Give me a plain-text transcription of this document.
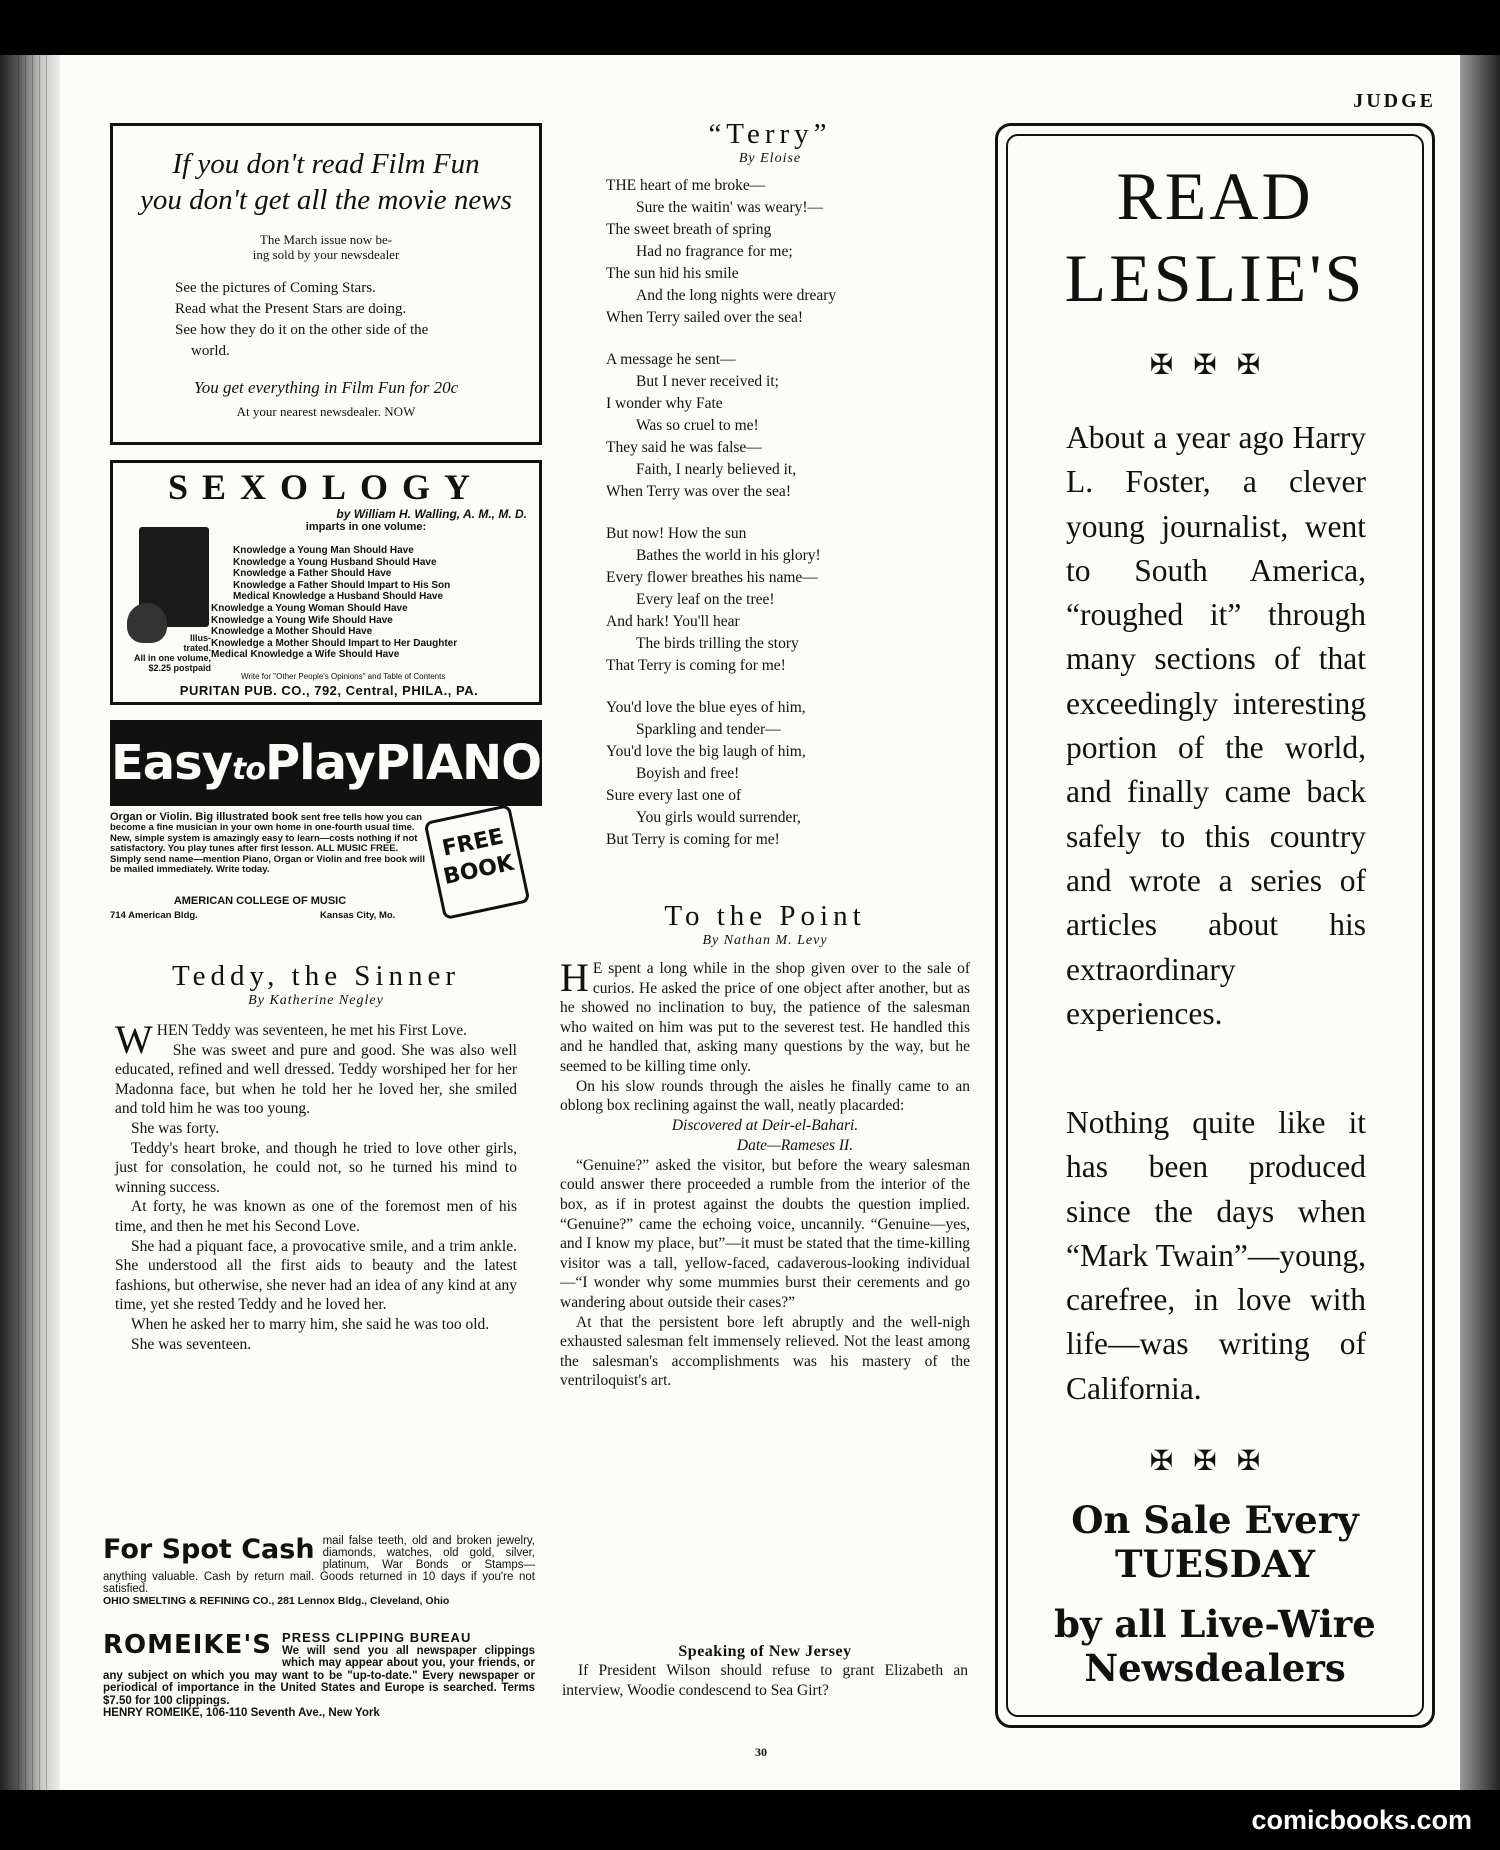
JUDGE
If you don't read Film Fun
you don't get all the movie news
The March issue now be-
ing sold by your newsdealer
See the pictures of Coming Stars.
Read what the Present Stars are doing.
See how they do it on the other side of the
world.
You get everything in Film Fun for 20c
At your nearest newsdealer. NOW
SEXOLOGY
by William H. Walling, A. M., M. D.
imparts in one volume:
Knowledge a Young Man Should Have
Knowledge a Young Husband Should Have
Knowledge a Father Should Have
Knowledge a Father Should Impart to His Son
Medical Knowledge a Husband Should Have
Knowledge a Young Woman Should Have
Knowledge a Young Wife Should Have
Knowledge a Mother Should Have
Knowledge a Mother Should Impart to Her Daughter
Medical Knowledge a Wife Should Have
Illus-
trated.
All in one volume,
$2.25 postpaid
Write for "Other People's Opinions" and Table of Contents
PURITAN PUB. CO., 792, Central, PHILA., PA.
EasytoPlayPIANO
Organ or Violin. Big illustrated book sent free tells how you can become a fine musician in your own home in one-fourth usual time. New, simple system is amazingly easy to learn—costs nothing if not satisfactory. You play tunes after first lesson. ALL MUSIC FREE. Simply send name—mention Piano, Organ or Violin and free book will be mailed immediately. Write today.
AMERICAN COLLEGE OF MUSIC
714 American Bldg.	Kansas City, Mo.
FREE
BOOK
Teddy, the Sinner
By Katherine Negley

WHEN Teddy was seventeen, he met his First Love.

She was sweet and pure and good. She was also well educated, refined and well dressed. Teddy worshiped her for her Madonna face, but when he told her he loved her, she smiled and told him he was too young.

She was forty.

Teddy's heart broke, and though he tried to love other girls, just for consolation, he could not, so he turned his mind to winning success.

At forty, he was known as one of the foremost men of his time, and then he met his Second Love.

She had a piquant face, a provocative smile, and a trim ankle. She understood all the first aids to beauty and the latest fashions, but otherwise, she never had an idea of any kind at any time, yet she rested Teddy and he loved her.

When he asked her to marry him, she said he was too old.

She was seventeen.

For Spot Cash mail false teeth, old and broken jewelry, diamonds, watches, old gold, silver, platinum, War Bonds or Stamps—anything valuable. Cash by return mail. Goods returned in 10 days if you're not satisfied.
OHIO SMELTING & REFINING CO., 281 Lennox Bldg., Cleveland, Ohio
ROMEIKE'S PRESS CLIPPING BUREAU
We will send you all newspaper clippings which may appear about you, your friends, or any subject on which you may want to be "up-to-date." Every newspaper or periodical of importance in the United States and Europe is searched. Terms $7.50 for 100 clippings.
HENRY ROMEIKE, 106-110 Seventh Ave., New York
“Terry”
By Eloise
THE heart of me broke—
Sure the waitin' was weary!—
The sweet breath of spring
Had no fragrance for me;
The sun hid his smile
And the long nights were dreary
When Terry sailed over the sea!
A message he sent—
But I never received it;
I wonder why Fate
Was so cruel to me!
They said he was false—
Faith, I nearly believed it,
When Terry was over the sea!
But now! How the sun
Bathes the world in his glory!
Every flower breathes his name—
Every leaf on the tree!
And hark! You'll hear
The birds trilling the story
That Terry is coming for me!
You'd love the blue eyes of him,
Sparkling and tender—
You'd love the big laugh of him,
Boyish and free!
Sure every last one of
You girls would surrender,
But Terry is coming for me!
To the Point
By Nathan M. Levy

H E spent a long while in the shop given over to the sale of curios. He asked the price of one object after another, but as he showed no inclination to buy, the patience of the salesman who waited on him was put to the severest test. He handled this and he handled that, asking many questions by the way, but he seemed to be killing time only.

On his slow rounds through the aisles he finally came to an oblong box reclining against the wall, neatly placarded:

Discovered at Deir-el-Bahari.
Date—Rameses II.

“Genuine?” asked the visitor, but before the weary salesman could answer there proceeded a rumble from the interior of the box, as if in protest against the doubts the question implied. “Genuine?” came the echoing voice, uncannily. “Genuine—yes, and I know my place, but”—it must be stated that the time-killing visitor was a tall, yellow-faced, cadaverous-looking individual—“I wonder why some mummies burst their cerements and go wandering about outside their cases?”

At that the persistent bore left abruptly and the well-nigh exhausted salesman felt immensely relieved. Not the least among the salesman's accomplishments was his mastery of the ventriloquist's art.

Speaking of New Jersey

If President Wilson should refuse to grant Elizabeth an interview, Woodie condescend to Sea Girt?

30
READ
LESLIE'S
✠✠✠
About a year ago Harry L. Foster, a clever young journalist, went to South America, “roughed it” through many sections of that exceedingly interesting portion of the world, and finally came back safely to this country and wrote a series of articles about his extraordinary experiences.
Nothing quite like it has been produced since the days when “Mark Twain”—young, carefree, in love with life—was writing of California.
✠✠✠
On Sale Every
TUESDAY
by all Live-Wire
Newsdealers
comicbooks.com
